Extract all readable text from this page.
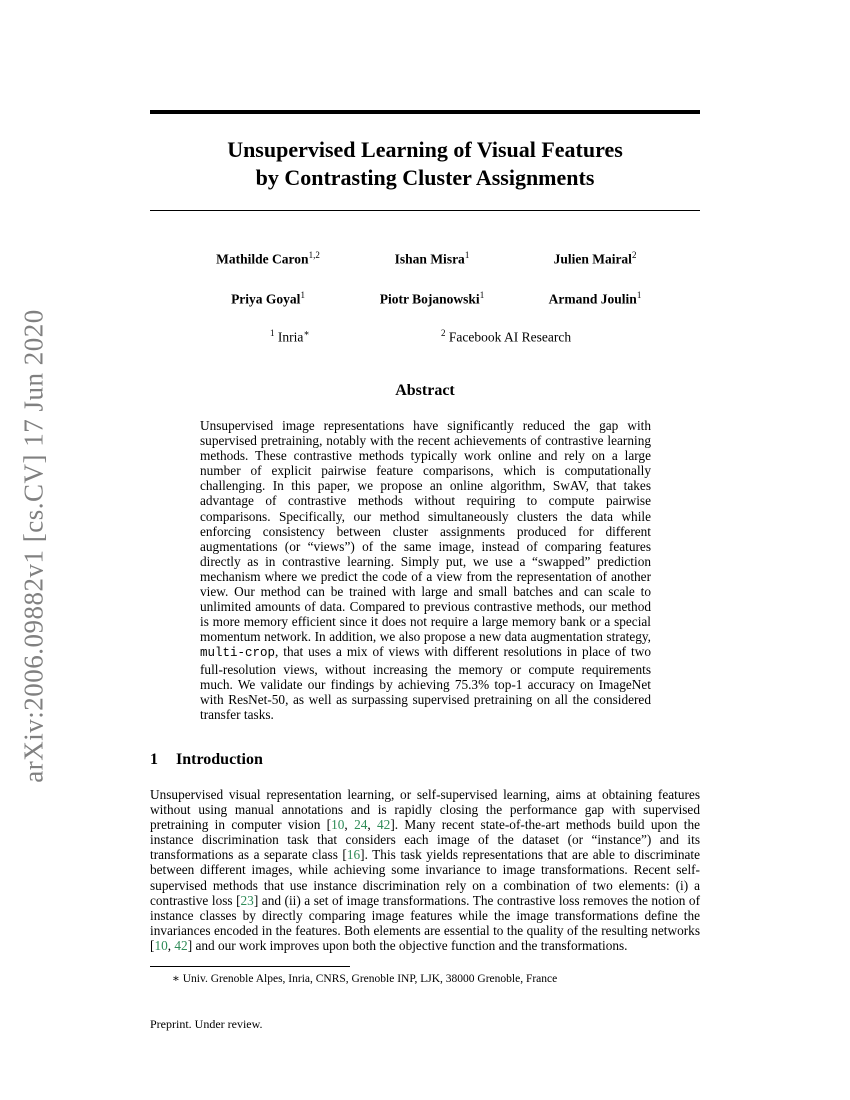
arXiv:2006.09882v1 [cs.CV] 17 Jun 2020
Unsupervised Learning of Visual Features
by Contrasting Cluster Assignments
Mathilde Caron$^{1,2}$	Ishan Misra$^1$	Julien Mairal$^2$
Priya Goyal$^1$	Piotr Bojanowski$^1$	Armand Joulin$^1$
$^1$ Inria∗	$^2$ Facebook AI Research
Abstract
Unsupervised image representations have significantly reduced the gap with supervised pretraining, notably with the recent achievements of contrastive learning methods. These contrastive methods typically work online and rely on a large number of explicit pairwise feature comparisons, which is computationally challenging. In this paper, we propose an online algorithm, SwAV, that takes advantage of contrastive methods without requiring to compute pairwise comparisons. Specifically, our method simultaneously clusters the data while enforcing consistency between cluster assignments produced for different augmentations (or “views”) of the same image, instead of comparing features directly as in contrastive learning. Simply put, we use a “swapped” prediction mechanism where we predict the code of a view from the representation of another view. Our method can be trained with large and small batches and can scale to unlimited amounts of data. Compared to previous contrastive methods, our method is more memory efficient since it does not require a large memory bank or a special momentum network. In addition, we also propose a new data augmentation strategy, multi-crop, that uses a mix of views with different resolutions in place of two full-resolution views, without increasing the memory or compute requirements much. We validate our findings by achieving 75.3% top-1 accuracy on ImageNet with ResNet-50, as well as surpassing supervised pretraining on all the considered transfer tasks.
1 Introduction
Unsupervised visual representation learning, or self-supervised learning, aims at obtaining features without using manual annotations and is rapidly closing the performance gap with supervised pretraining in computer vision [10, 24, 42]. Many recent state-of-the-art methods build upon the instance discrimination task that considers each image of the dataset (or “instance”) and its transformations as a separate class [16]. This task yields representations that are able to discriminate between different images, while achieving some invariance to image transformations. Recent self-supervised methods that use instance discrimination rely on a combination of two elements: (i) a contrastive loss [23] and (ii) a set of image transformations. The contrastive loss removes the notion of instance classes by directly comparing image features while the image transformations define the invariances encoded in the features. Both elements are essential to the quality of the resulting networks [10, 42] and our work improves upon both the objective function and the transformations.
∗ Univ. Grenoble Alpes, Inria, CNRS, Grenoble INP, LJK, 38000 Grenoble, France
Preprint. Under review.
